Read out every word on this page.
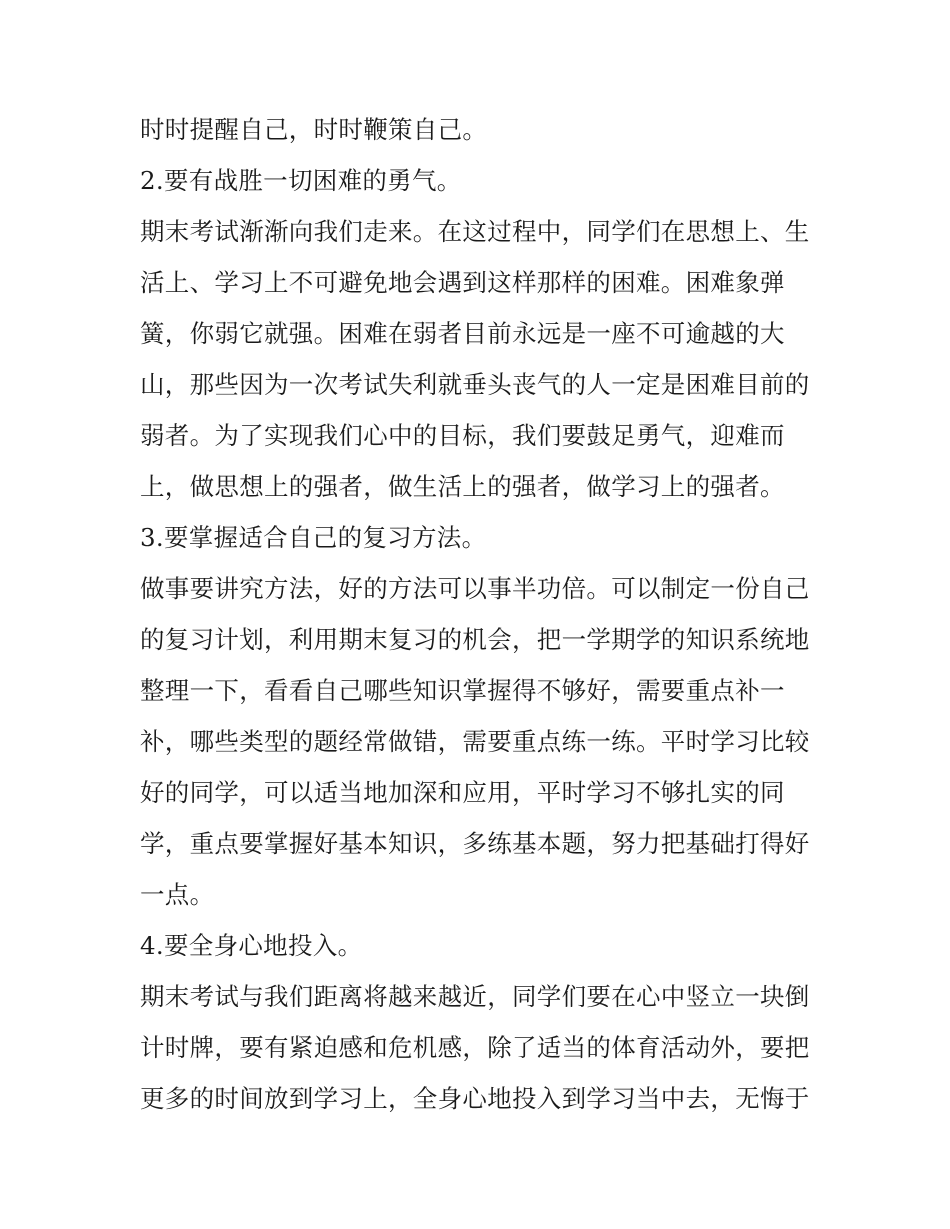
时时提醒自己，时时鞭策自己。
2.要有战胜一切困难的勇气。
期末考试渐渐向我们走来。在这过程中，同学们在思想上、生
活上、学习上不可避免地会遇到这样那样的困难。困难象弹
簧，你弱它就强。困难在弱者目前永远是一座不可逾越的大
山，那些因为一次考试失利就垂头丧气的人一定是困难目前的
弱者。为了实现我们心中的目标，我们要鼓足勇气，迎难而
上，做思想上的强者，做生活上的强者，做学习上的强者。
3.要掌握适合自己的复习方法。
做事要讲究方法，好的方法可以事半功倍。可以制定一份自己
的复习计划，利用期末复习的机会，把一学期学的知识系统地
整理一下，看看自己哪些知识掌握得不够好，需要重点补一
补，哪些类型的题经常做错，需要重点练一练。平时学习比较
好的同学，可以适当地加深和应用，平时学习不够扎实的同
学，重点要掌握好基本知识，多练基本题，努力把基础打得好
一点。
4.要全身心地投入。
期末考试与我们距离将越来越近，同学们要在心中竖立一块倒
计时牌，要有紧迫感和危机感，除了适当的体育活动外，要把
更多的时间放到学习上，全身心地投入到学习当中去，无悔于
